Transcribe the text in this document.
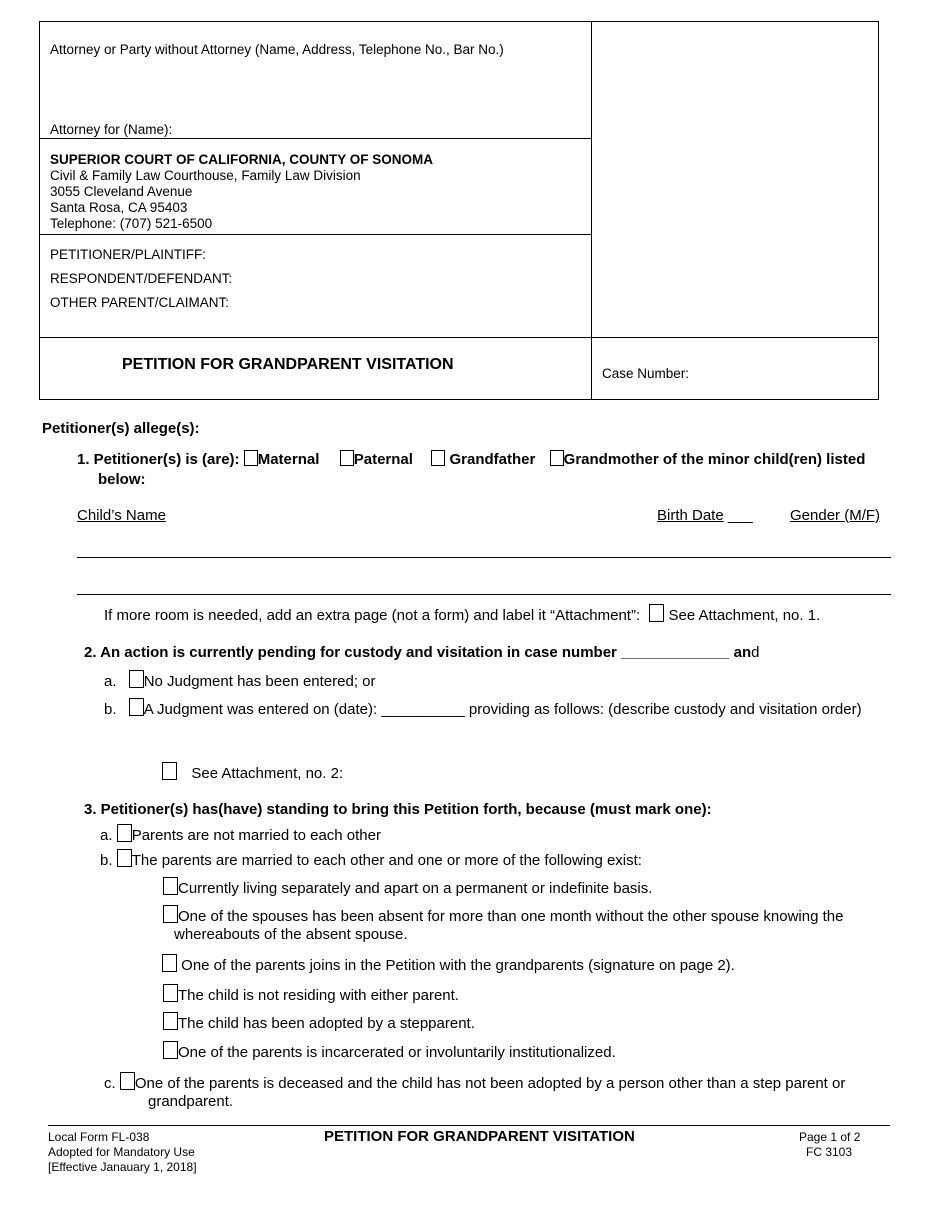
Attorney or Party without Attorney (Name, Address, Telephone No., Bar No.)
Attorney for (Name):
SUPERIOR COURT OF CALIFORNIA, COUNTY OF SONOMA
Civil & Family Law Courthouse, Family Law Division
3055 Cleveland Avenue
Santa Rosa, CA 95403
Telephone: (707) 521-6500
PETITIONER/PLAINTIFF:
RESPONDENT/DEFENDANT:
OTHER PARENT/CLAIMANT:
PETITION FOR GRANDPARENT VISITATION
Case Number:
Petitioner(s) allege(s):
1. Petitioner(s) is (are): Maternal Paternal Grandfather Grandmother of the minor child(ren) listed
below:
Child’s Name	Birth Date ___ Gender (M/F)
If more room is needed, add an extra page (not a form) and label it “Attachment”: See Attachment, no. 1.
2. An action is currently pending for custody and visitation in case number _____________ and
a. No Judgment has been entered; or
b. A Judgment was entered on (date): __________ providing as follows: (describe custody and visitation order)
See Attachment, no. 2:
3. Petitioner(s) has(have) standing to bring this Petition forth, because (must mark one):
a. Parents are not married to each other
b. The parents are married to each other and one or more of the following exist:
Currently living separately and apart on a permanent or indefinite basis.
One of the spouses has been absent for more than one month without the other spouse knowing the
whereabouts of the absent spouse.
One of the parents joins in the Petition with the grandparents (signature on page 2).
The child is not residing with either parent.
The child has been adopted by a stepparent.
One of the parents is incarcerated or involuntarily institutionalized.
c. One of the parents is deceased and the child has not been adopted by a person other than a step parent or
grandparent.
Local Form FL-038
Adopted for Mandatory Use
[Effective Janauary 1, 2018]
PETITION FOR GRANDPARENT VISITATION	Page 1 of 2
FC 3103
